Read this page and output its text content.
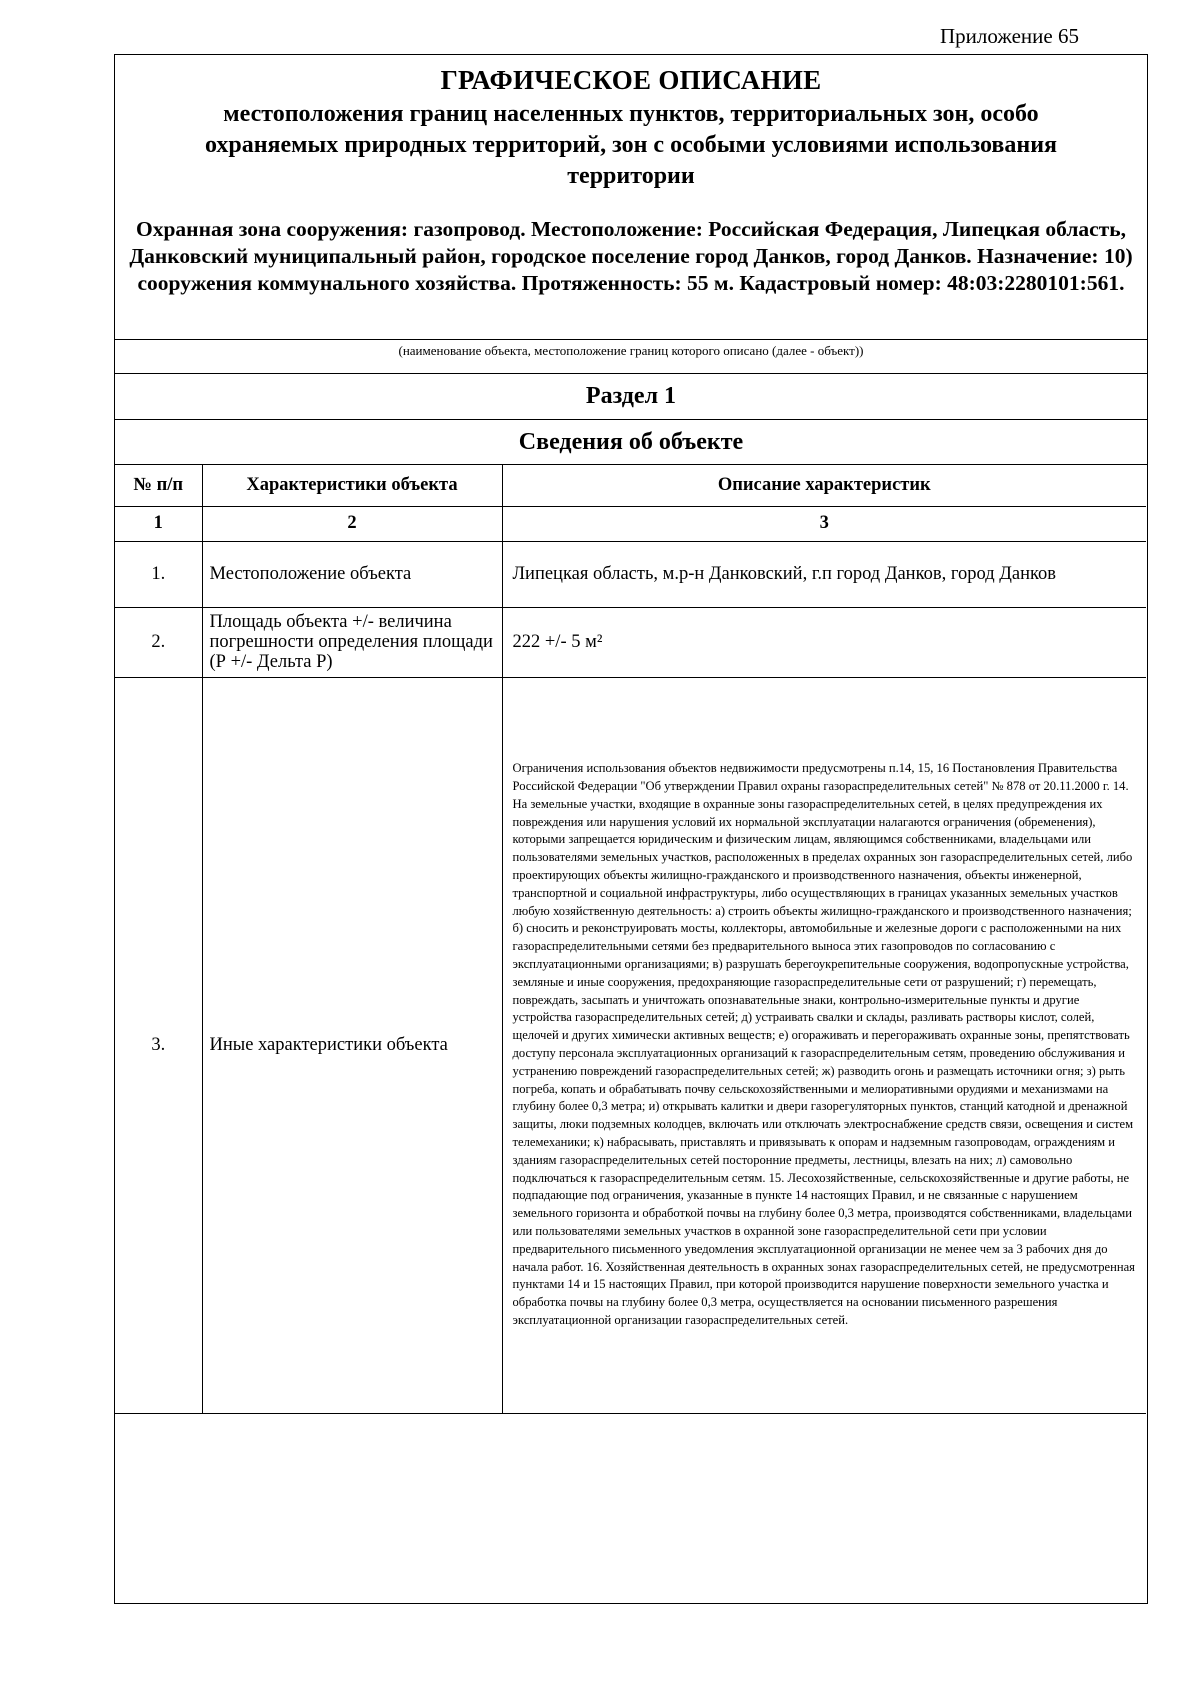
Приложение 65
ГРАФИЧЕСКОЕ ОПИСАНИЕ
местоположения границ населенных пунктов, территориальных зон, особо охраняемых природных территорий, зон с особыми условиями использования территории
Охранная зона сооружения: газопровод. Местоположение: Российская Федерация, Липецкая область, Данковский муниципальный район, городское поселение город Данков, город Данков. Назначение: 10) сооружения коммунального хозяйства. Протяженность: 55 м. Кадастровый номер: 48:03:2280101:561.
(наименование объекта, местоположение границ которого описано (далее - объект))
Раздел 1
Сведения об объекте
№ п/п	Характеристики объекта	Описание характеристик
1	2	3
1.	Местоположение объекта	Липецкая область, м.р-н Данковский, г.п город Данков, город Данков
2.	Площадь объекта +/- величина погрешности определения площади (Р +/- Дельта Р)	222 +/- 5 м²
3.	Иные характеристики объекта	Ограничения использования объектов недвижимости предусмотрены п.14, 15, 16 Постановления Правительства Российской Федерации "Об утверждении Правил охраны газораспределительных сетей" № 878 от 20.11.2000 г. 14. На земельные участки, входящие в охранные зоны газораспределительных сетей, в целях предупреждения их повреждения или нарушения условий их нормальной эксплуатации налагаются ограничения (обременения), которыми запрещается юридическим и физическим лицам, являющимся собственниками, владельцами или пользователями земельных участков, расположенных в пределах охранных зон газораспределительных сетей, либо проектирующих объекты жилищно-гражданского и производственного назначения, объекты инженерной, транспортной и социальной инфраструктуры, либо осуществляющих в границах указанных земельных участков любую хозяйственную деятельность: а) строить объекты жилищно-гражданского и производственного назначения; б) сносить и реконструировать мосты, коллекторы, автомобильные и железные дороги с расположенными на них газораспределительными сетями без предварительного выноса этих газопроводов по согласованию с эксплуатационными организациями; в) разрушать берегоукрепительные сооружения, водопропускные устройства, земляные и иные сооружения, предохраняющие газораспределительные сети от разрушений; г) перемещать, повреждать, засыпать и уничтожать опознавательные знаки, контрольно-измерительные пункты и другие устройства газораспределительных сетей; д) устраивать свалки и склады, разливать растворы кислот, солей, щелочей и других химически активных веществ; е) огораживать и перегораживать охранные зоны, препятствовать доступу персонала эксплуатационных организаций к газораспределительным сетям, проведению обслуживания и устранению повреждений газораспределительных сетей; ж) разводить огонь и размещать источники огня; з) рыть погреба, копать и обрабатывать почву сельскохозяйственными и мелиоративными орудиями и механизмами на глубину более 0,3 метра; и) открывать калитки и двери газорегуляторных пунктов, станций катодной и дренажной защиты, люки подземных колодцев, включать или отключать электроснабжение средств связи, освещения и систем телемеханики; к) набрасывать, приставлять и привязывать к опорам и надземным газопроводам, ограждениям и зданиям газораспределительных сетей посторонние предметы, лестницы, влезать на них; л) самовольно подключаться к газораспределительным сетям. 15. Лесохозяйственные, сельскохозяйственные и другие работы, не подпадающие под ограничения, указанные в пункте 14 настоящих Правил, и не связанные с нарушением земельного горизонта и обработкой почвы на глубину более 0,3 метра, производятся собственниками, владельцами или пользователями земельных участков в охранной зоне газораспределительной сети при условии предварительного письменного уведомления эксплуатационной организации не менее чем за 3 рабочих дня до начала работ. 16. Хозяйственная деятельность в охранных зонах газораспределительных сетей, не предусмотренная пунктами 14 и 15 настоящих Правил, при которой производится нарушение поверхности земельного участка и обработка почвы на глубину более 0,3 метра, осуществляется на основании письменного разрешения эксплуатационной организации газораспределительных сетей.
